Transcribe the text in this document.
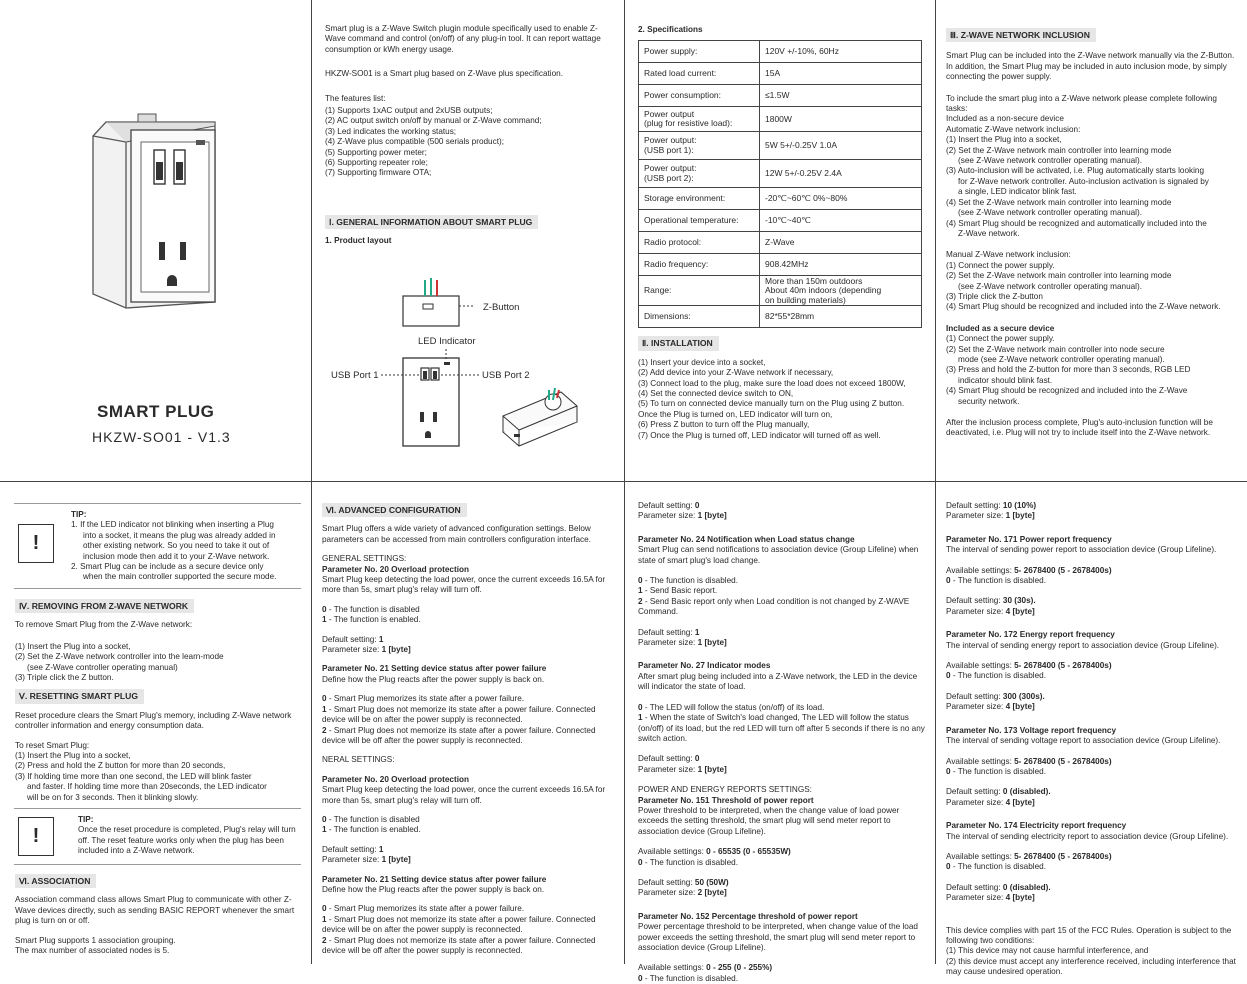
SMART PLUG
HKZW-SO01 - V1.3
Smart plug is a Z-Wave Switch plugin module specifically used to enable Z-Wave command and control (on/off) of any plug-in tool. It can report wattage consumption or kWh energy usage.
HKZW-SO01 is a Smart plug based on Z-Wave plus specification.
The features list:
(1) Supports 1xAC output and 2xUSB outputs;
(2) AC output switch on/off by manual or Z-Wave command;
(3) Led indicates the working status;
(4) Z-Wave plus compatible (500 serials product);
(5) Supporting power meter;
(6) Supporting repeater role;
(7) Supporting firmware OTA;
Ⅰ. GENERAL INFORMATION ABOUT SMART PLUG
1. Product layout
Z-Button
LED Indicator
USB Port 1	USB Port 2
2. Specifications
Power supply:	120V +/-10%, 60Hz
Rated load current:	15A
Power consumption:	≤1.5W
Power output
(plug for resistive load):	1800W
Power output:
(USB port 1):	5W 5+/-0.25V 1.0A
Power output:
(USB port 2):	12W 5+/-0.25V 2.4A
Storage environment:	-20℃~60℃ 0%~80%
Operational temperature:	-10℃~40℃
Radio protocol:	Z-Wave
Radio frequency:	908.42MHz
Range:	More than 150m outdoors
About 40m indoors (depending
on building materials)
Dimensions:	82*55*28mm
Ⅱ. INSTALLATION
(1) Insert your device into a socket,
(2) Add device into your Z-Wave network if necessary,
(3) Connect load to the plug, make sure the load does not exceed 1800W,
(4) Set the connected device switch to ON,
(5) To turn on connected device manually turn on the Plug using Z button.
Once the Plug is turned on, LED indicator will turn on,
(6) Press Z button to turn off the Plug manually,
(7) Once the Plug is turned off, LED indicator will turned off as well.
Ⅲ. Z-WAVE NETWORK INCLUSION
Smart Plug can be included into the Z-Wave network manually via the Z-Button. In addition, the Smart Plug may be included in auto inclusion mode, by simply connecting the power supply.
To include the smart plug into a Z-Wave network please complete following tasks:
Included as a non-secure device
Automatic Z-Wave network inclusion:
(1) Insert the Plug into a socket,
(2) Set the Z-Wave network main controller into learning mode
(see Z-Wave network controller operating manual).
(3) Auto-inclusion will be activated, i.e. Plug automatically starts looking
for Z-Wave network controller. Auto-inclusion activation is signaled by
a single, LED indicator blink fast.
(4) Set the Z-Wave network main controller into learning mode
(see Z-Wave network controller operating manual).
(4) Smart Plug should be recognized and automatically included into the
Z-Wave network.
Manual Z-Wave network inclusion:
(1) Connect the power supply.
(2) Set the Z-Wave network main controller into learning mode
(see Z-Wave network controller operating manual).
(3) Triple click the Z-button
(4) Smart Plug should be recognized and included into the Z-Wave network.
Included as a secure device
(1) Connect the power supply.
(2) Set the Z-Wave network main controller into node secure
mode (see Z-Wave network controller operating manual).
(3) Press and hold the Z-button for more than 3 seconds, RGB LED
indicator should blink fast.
(4) Smart Plug should be recognized and included into the Z-Wave
security network.
After the inclusion process complete, Plug's auto-inclusion function will be deactivated, i.e. Plug will not try to include itself into the Z-Wave network.
!
TIP:
1. If the LED indicator not blinking when inserting a Plug
into a socket, it means the plug was already added in
other existing network. So you need to take it out of
inclusion mode then add it to your Z-Wave network.
2. Smart Plug can be include as a secure device only
when the main controller supported the secure mode.
Ⅳ. REMOVING FROM Z-WAVE NETWORK
To remove Smart Plug from the Z-Wave network:
(1) Insert the Plug into a socket,
(2) Set the Z-Wave network controller into the learn-mode
(see Z-Wave controller operating manual)
(3) Triple click the Z button.
Ⅴ. RESETTING SMART PLUG
Reset procedure clears the Smart Plug's memory, including Z-Wave network controller information and energy consumption data.
To reset Smart Plug:
(1) Insert the Plug into a socket,
(2) Press and hold the Z button for more than 20 seconds,
(3) If holding time more than one second, the LED will blink faster
and faster. If holding time more than 20seconds, the LED indicator
will be on for 3 seconds. Then it blinking slowly.
!
TIP:
Once the reset procedure is completed, Plug's relay will turn off. The reset feature works only when the plug has been included into a Z-Wave network.
Ⅵ. ASSOCIATION
Association command class allows Smart Plug to communicate with other Z-Wave devices directly, such as sending BASIC REPORT whenever the smart plug is turn on or off.
Smart Plug supports 1 association grouping.
The max number of associated nodes is 5.
Ⅵ. ADVANCED CONFIGURATION
Smart Plug offers a wide variety of advanced configuration settings. Below parameters can be accessed from main controllers configuration interface.
GENERAL SETTINGS:
Parameter No. 20 Overload protection
Smart Plug keep detecting the load power, once the current exceeds 16.5A for more than 5s, smart plug's relay will turn off.
0 - The function is disabled
1 - The function is enabled.
Default setting: 1
Parameter size: 1 [byte]
Parameter No. 21 Setting device status after power failure
Define how the Plug reacts after the power supply is back on.
0 - Smart Plug memorizes its state after a power failure.
1 - Smart Plug does not memorize its state after a power failure. Connected device will be on after the power supply is reconnected.
2 - Smart Plug does not memorize its state after a power failure. Connected device will be off after the power supply is reconnected.
NERAL SETTINGS:
Parameter No. 20 Overload protection
Smart Plug keep detecting the load power, once the current exceeds 16.5A for more than 5s, smart plug's relay will turn off.
0 - The function is disabled
1 - The function is enabled.
Default setting: 1
Parameter size: 1 [byte]
Parameter No. 21 Setting device status after power failure
Define how the Plug reacts after the power supply is back on.
0 - Smart Plug memorizes its state after a power failure.
1 - Smart Plug does not memorize its state after a power failure. Connected device will be on after the power supply is reconnected.
2 - Smart Plug does not memorize its state after a power failure. Connected device will be off after the power supply is reconnected.
Default setting: 0
Parameter size: 1 [byte]
Parameter No. 24 Notification when Load status change
Smart Plug can send notifications to association device (Group Lifeline) when state of smart plug's load change.
0 - The function is disabled.
1 - Send Basic report.
2 - Send Basic report only when Load condition is not changed by Z-WAVE Command.
Default setting: 1
Parameter size: 1 [byte]
Parameter No. 27 Indicator modes
After smart plug being included into a Z-Wave network, the LED in the device will indicator the state of load.
0 - The LED will follow the status (on/off) of its load.
1 - When the state of Switch's load changed, The LED will follow the status (on/off) of its load, but the red LED will turn off after 5 seconds if there is no any switch action.
Default setting: 0
Parameter size: 1 [byte]
POWER AND ENERGY REPORTS SETTINGS:
Parameter No. 151 Threshold of power report
Power threshold to be interpreted, when the change value of load power exceeds the setting threshold, the smart plug will send meter report to association device (Group Lifeline).
Available settings: 0 - 65535 (0 - 65535W)
0 - The function is disabled.
Default setting: 50 (50W)
Parameter size: 2 [byte]
Parameter No. 152 Percentage threshold of power report
Power percentage threshold to be interpreted, when change value of the load power exceeds the setting threshold, the smart plug will send meter report to association device (Group Lifeline).
Available settings: 0 - 255 (0 - 255%)
0 - The function is disabled.
Default setting: 10 (10%)
Parameter size: 1 [byte]
Parameter No. 171 Power report frequency
The interval of sending power report to association device (Group Lifeline).
Available settings: 5- 2678400 (5 - 2678400s)
0 - The function is disabled.
Default setting: 30 (30s).
Parameter size: 4 [byte]
Parameter No. 172 Energy report frequency
The interval of sending energy report to association device (Group Lifeline).
Available settings: 5- 2678400 (5 - 2678400s)
0 - The function is disabled.
Default setting: 300 (300s).
Parameter size: 4 [byte]
Parameter No. 173 Voltage report frequency
The interval of sending voltage report to association device (Group Lifeline).
Available settings: 5- 2678400 (5 - 2678400s)
0 - The function is disabled.
Default setting: 0 (disabled).
Parameter size: 4 [byte]
Parameter No. 174 Electricity report frequency
The interval of sending electricity report to association device (Group Lifeline).
Available settings: 5- 2678400 (5 - 2678400s)
0 - The function is disabled.
Default setting: 0 (disabled).
Parameter size: 4 [byte]
This device complies with part 15 of the FCC Rules. Operation is subject to the following two conditions:
(1) This device may not cause harmful interference, and
(2) this device must accept any interference received, including interference that may cause undesired operation.
